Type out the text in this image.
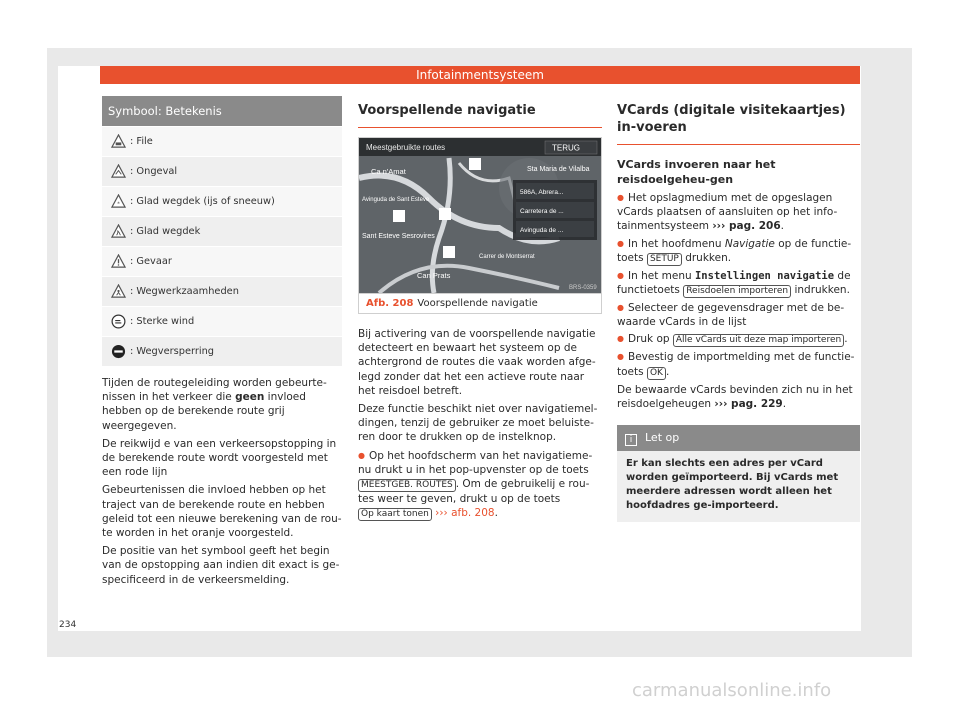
Infotainmentsysteem
Symbool: Betekenis
: File
: Ongeval
* : Glad wegdek (ijs of sneeuw)
: Glad wegdek
: Gevaar
: Wegwerkzaamheden
: Sterke wind
: Wegversperring

Tijden de routegeleiding worden gebeurte-nissen in het verkeer die geen invloed hebben op de berekende route grij weergegeven.

De reikwijd e van een verkeersopstopping in de berekende route wordt voorgesteld met een rode lijn

Gebeurtenissen die invloed hebben op het traject van de berekende route en hebben geleid tot een nieuwe berekening van de rou-te worden in het oranje voorgesteld.

De positie van het symbool geeft het begin van de opstopping aan indien dit exact is ge-specificeerd in de verkeersmelding.

Voorspellende navigatie
Meestgebruikte routes	TERUG
Ca n'Amat	Sta Maria de Vilalba
Avinguda de Sant Esteve
Sant Esteve Sesrovires
Can Prats
Carrer de Montserrat
586A, Abrera...
Carretera de ...
Avinguda de ...
BRS-0359
Afb. 208 Voorspellende navigatie

Bij activering van de voorspellende navigatie detecteert en bewaart het systeem op de achtergrond de routes die vaak worden afge-legd zonder dat het een actieve route naar het reisdoel betreft.

Deze functie beschikt niet over navigatiemel-dingen, tenzij de gebruiker ze moet beluiste-ren door te drukken op de instelknop.

● Op het hoofdscherm van het navigatieme-nu drukt u in het pop-upvenster op de toets MEESTGEB. ROUTES . Om de gebruikelij e rou-tes weer te geven, drukt u op de toets Op kaart tonen ››› afb. 208.

VCards (digitale visitekaartjes) in-voeren
VCards invoeren naar het reisdoelgeheu-gen

● Het opslagmedium met de opgeslagen vCards plaatsen of aansluiten op het info-tainmentsysteem ››› pag. 206.

● In het hoofdmenu Navigatie op de functie-toets SETUP drukken.

● In het menu Instellingen navigatie de functietoets Reisdoelen importeren indrukken.

● Selecteer de gegevensdrager met de be-waarde vCards in de lijst

● Druk op Alle vCards uit deze map importeren .

● Bevestig de importmelding met de functie-toets OK .

De bewaarde vCards bevinden zich nu in het reisdoelgeheugen ››› pag. 229.

i Let op
Er kan slechts een adres per vCard worden geïmporteerd. Bij vCards met meerdere adressen wordt alleen het hoofdadres ge-importeerd.
234
carmanualsonline.info
